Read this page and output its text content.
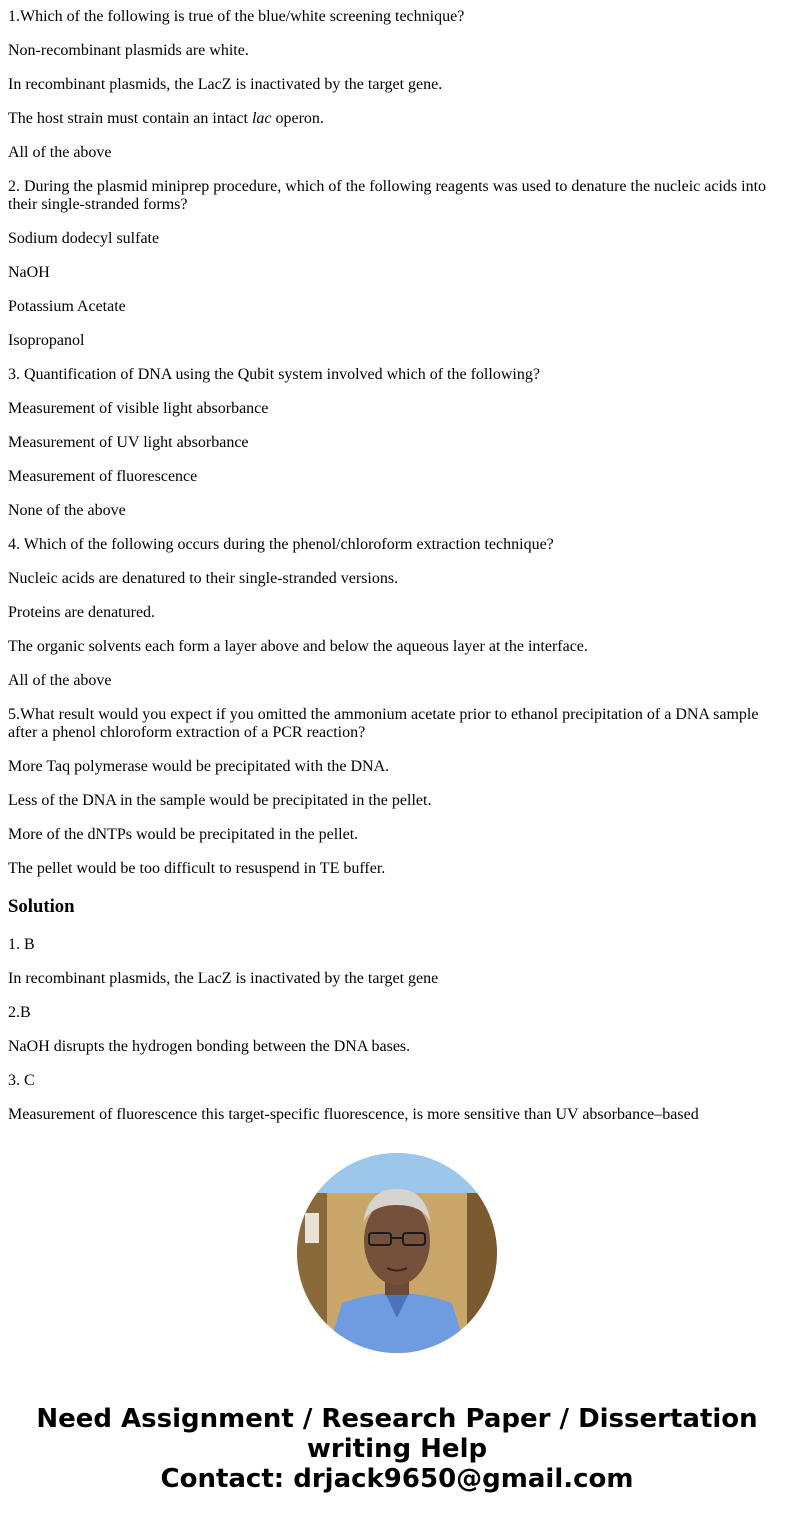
1.Which of the following is true of the blue/white screening technique?

Non-recombinant plasmids are white.

In recombinant plasmids, the LacZ is inactivated by the target gene.

The host strain must contain an intact lac operon.

All of the above

2. During the plasmid miniprep procedure, which of the following reagents was used to denature the nucleic acids into their single-stranded forms?

Sodium dodecyl sulfate

NaOH

Potassium Acetate

Isopropanol

3. Quantification of DNA using the Qubit system involved which of the following?

Measurement of visible light absorbance

Measurement of UV light absorbance

Measurement of fluorescence

None of the above

4. Which of the following occurs during the phenol/chloroform extraction technique?

Nucleic acids are denatured to their single-stranded versions.

Proteins are denatured.

The organic solvents each form a layer above and below the aqueous layer at the interface.

All of the above

5.What result would you expect if you omitted the ammonium acetate prior to ethanol precipitation of a DNA sample after a phenol chloroform extraction of a PCR reaction?

More Taq polymerase would be precipitated with the DNA.

Less of the DNA in the sample would be precipitated in the pellet.

More of the dNTPs would be precipitated in the pellet.

The pellet would be too difficult to resuspend in TE buffer.

Solution

1. B

In recombinant plasmids, the LacZ is inactivated by the target gene

2.B

NaOH disrupts the hydrogen bonding between the DNA bases.

3. C

Measurement of fluorescence this target-specific fluorescence, is more sensitive than UV absorbance–based

Need Assignment / Research Paper / Dissertation
writing Help
Contact: drjack9650@gmail.com
